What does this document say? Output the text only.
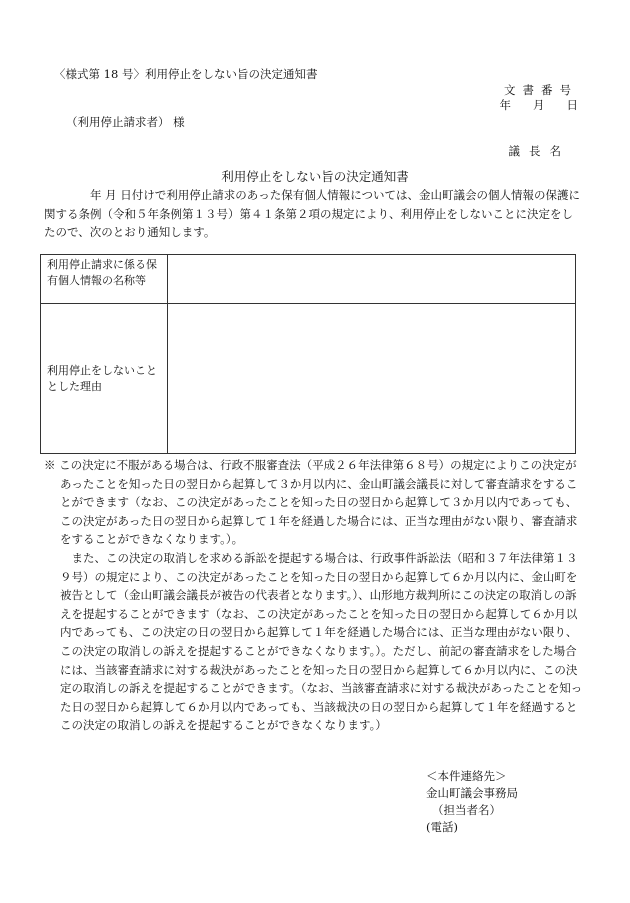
〈様式第 18 号〉 利用停止をしない旨の決定通知書
文書番号
年 月 日
（利用停止請求者） 様
議長名
利用停止をしない旨の決定通知書

年 月 日付けで利用停止請求のあった保有個人情報については、金山町議会の個人情報の保護に関する条例（令和５年条例第１３号）第４１条第２項の規定により、利用停止をしないことに決定をしたので、次のとおり通知します。

利用停止請求に係る保有個人情報の名称等	
利用停止をしないこととした理由	

※ この決定に不服がある場合は、行政不服審査法（平成２６年法律第６８号）の規定によりこの決定があったことを知った日の翌日から起算して３か月以内に、金山町議会議長に対して審査請求をすることができます（なお、この決定があったことを知った日の翌日から起算して３か月以内であっても、この決定があった日の翌日から起算して１年を経過した場合には、正当な理由がない限り、審査請求をすることができなくなります。）。

また、この決定の取消しを求める訴訟を提起する場合は、行政事件訴訟法（昭和３７年法律第１３９号）の規定により、この決定があったことを知った日の翌日から起算して６か月以内に、金山町を被告として（金山町議会議長が被告の代表者となります。）、山形地方裁判所にこの決定の取消しの訴えを提起することができます（なお、この決定があったことを知った日の翌日から起算して６か月以内であっても、この決定の日の翌日から起算して１年を経過した場合には、正当な理由がない限り、この決定の取消しの訴えを提起することができなくなります。）。ただし、前記の審査請求をした場合には、当該審査請求に対する裁決があったことを知った日の翌日から起算して６か月以内に、この決定の取消しの訴えを提起することができます。（なお、当該審査請求に対する裁決があったことを知った日の翌日から起算して６か月以内であっても、当該裁決の日の翌日から起算して１年を経過するとこの決定の取消しの訴えを提起することができなくなります。）

＜本件連絡先＞
金山町議会事務局
（担当者名）
(電話)
